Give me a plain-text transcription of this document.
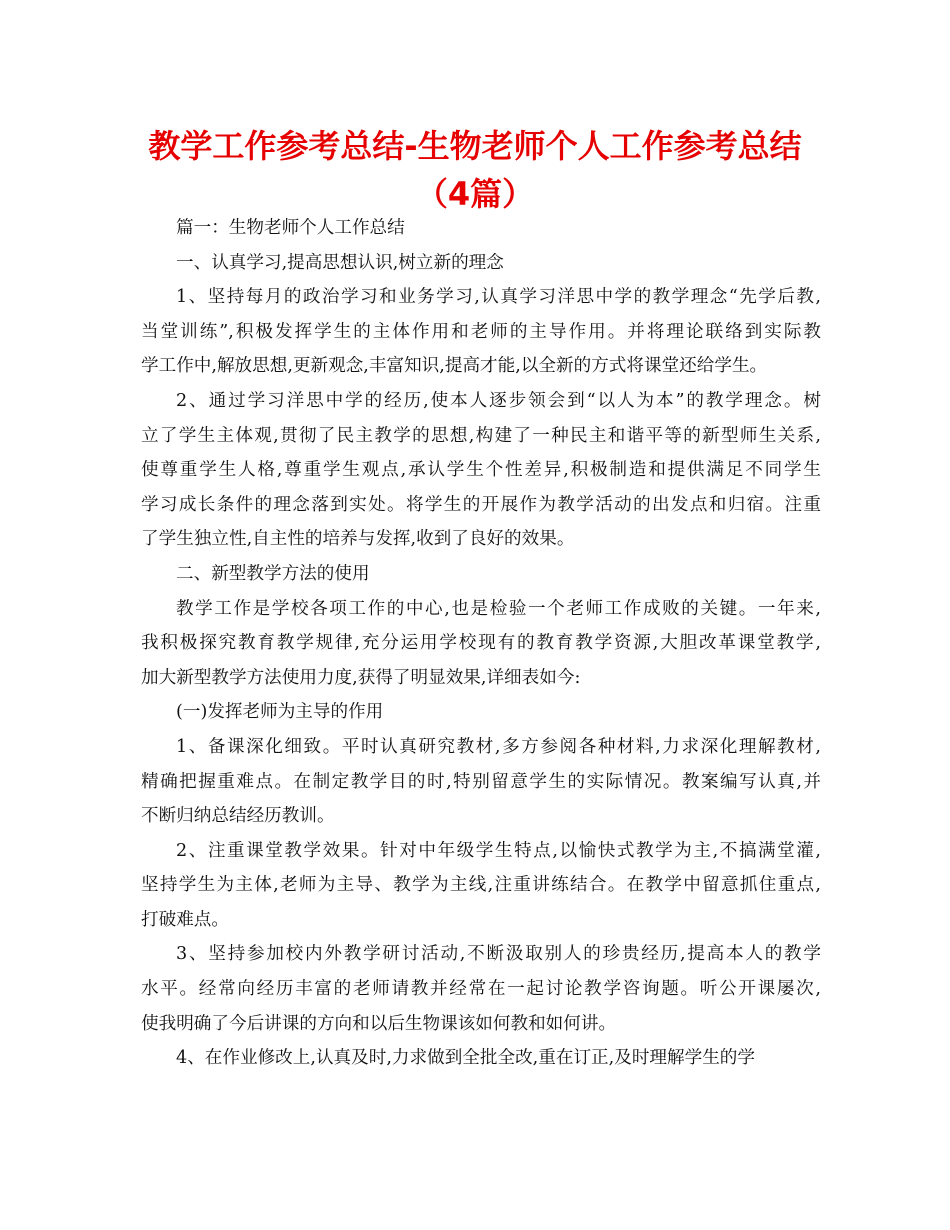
教学工作参考总结-生物老师个人工作参考总结
（4篇）
篇一：生物老师个人工作总结
一、认真学习,提高思想认识,树立新的理念
1、坚持每月的政治学习和业务学习,认真学习洋思中学的教学理念“先学后教,
当堂训练”,积极发挥学生的主体作用和老师的主导作用。并将理论联络到实际教
学工作中,解放思想,更新观念,丰富知识,提高才能,以全新的方式将课堂还给学生。
2、通过学习洋思中学的经历,使本人逐步领会到“以人为本”的教学理念。树
立了学生主体观,贯彻了民主教学的思想,构建了一种民主和谐平等的新型师生关系,
使尊重学生人格,尊重学生观点,承认学生个性差异,积极制造和提供满足不同学生
学习成长条件的理念落到实处。将学生的开展作为教学活动的出发点和归宿。注重
了学生独立性,自主性的培养与发挥,收到了良好的效果。
二、新型教学方法的使用
教学工作是学校各项工作的中心,也是检验一个老师工作成败的关键。一年来,
我积极探究教育教学规律,充分运用学校现有的教育教学资源,大胆改革课堂教学,
加大新型教学方法使用力度,获得了明显效果,详细表如今:
(一)发挥老师为主导的作用
1、备课深化细致。平时认真研究教材,多方参阅各种材料,力求深化理解教材,
精确把握重难点。在制定教学目的时,特别留意学生的实际情况。教案编写认真,并
不断归纳总结经历教训。
2、注重课堂教学效果。针对中年级学生特点,以愉快式教学为主,不搞满堂灌,
坚持学生为主体,老师为主导、教学为主线,注重讲练结合。在教学中留意抓住重点,
打破难点。
3、坚持参加校内外教学研讨活动,不断汲取别人的珍贵经历,提高本人的教学
水平。经常向经历丰富的老师请教并经常在一起讨论教学咨询题。听公开课屡次,
使我明确了今后讲课的方向和以后生物课该如何教和如何讲。
4、在作业修改上,认真及时,力求做到全批全改,重在订正,及时理解学生的学
